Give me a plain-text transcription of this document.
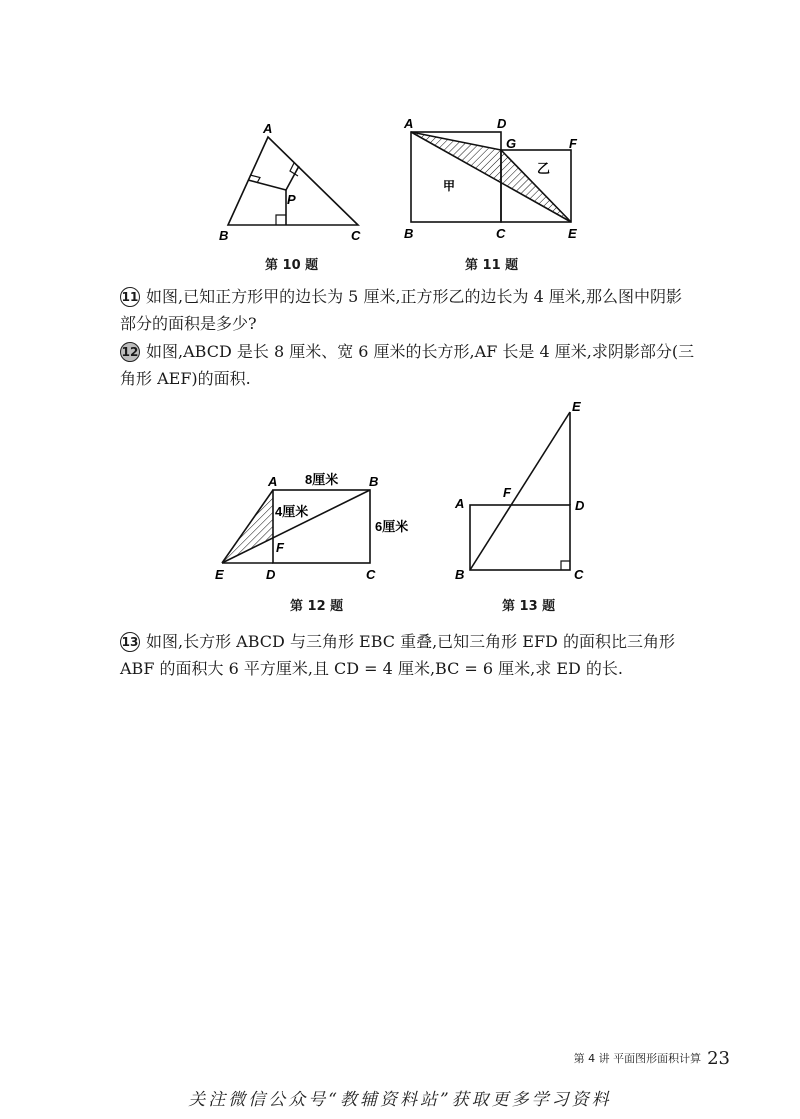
A
B	C
P
第 10 题
A	D
G	F
B	C	E
甲
乙
第 11 题
11 如图,已知正方形甲的边长为 5 厘米,正方形乙的边长为 4 厘米,那么图中阴影部分的面积是多少?
12 如图,ABCD 是长 8 厘米、宽 6 厘米的长方形,AF 长是 4 厘米,求阴影部分(三角形 AEF)的面积.
A	B
E	D	C
F
8厘米
4厘米
6厘米
第 12 题
E
A
F
D
B	C
第 13 题
13 如图,长方形 ABCD 与三角形 EBC 重叠,已知三角形 EFD 的面积比三角形 ABF 的面积大 6 平方厘米,且 CD = 4 厘米,BC = 6 厘米,求 ED 的长.
第 4 讲 平面图形面积计算 23
关注微信公众号“教辅资料站”获取更多学习资料
